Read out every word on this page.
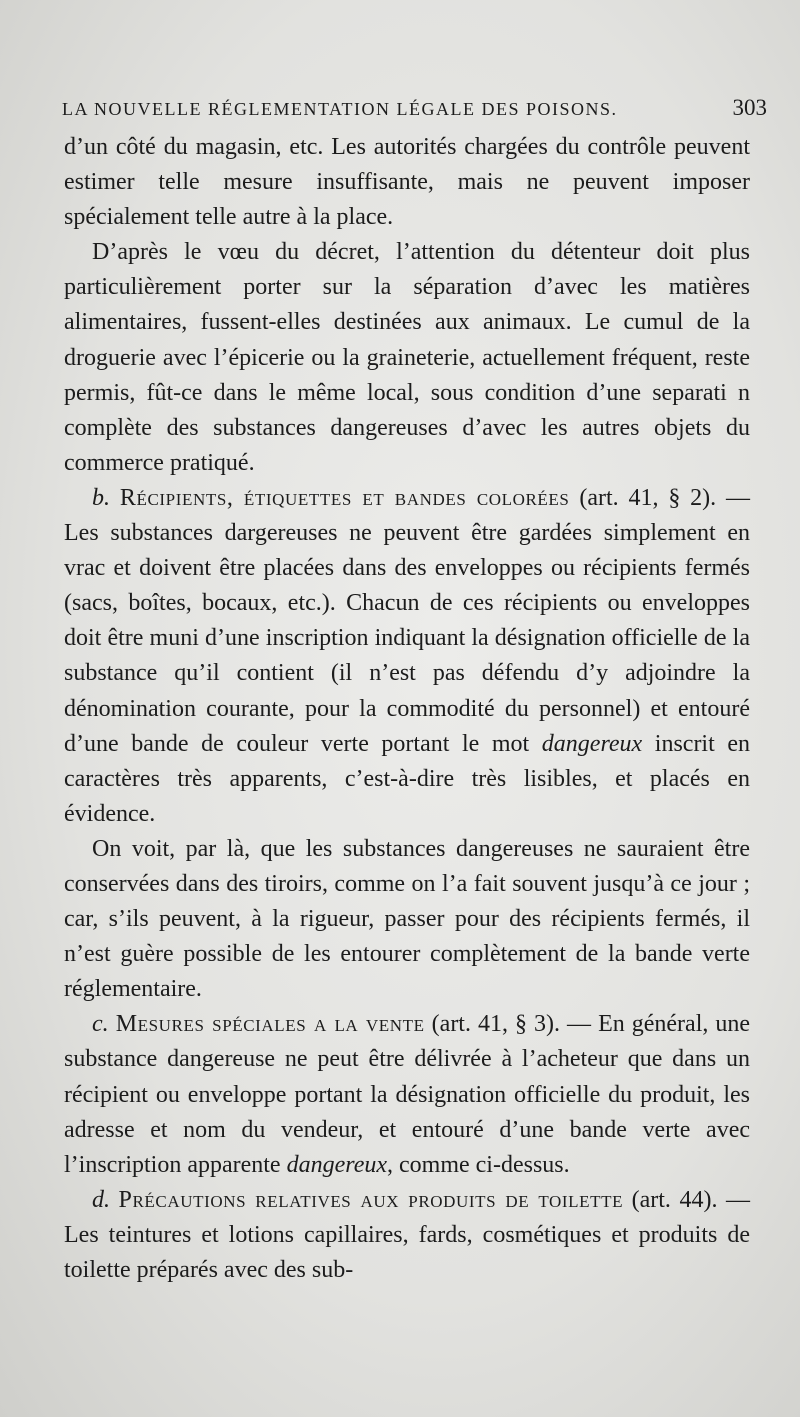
LA NOUVELLE RÉGLEMENTATION LÉGALE DES POISONS.	303

d’un côté du magasin, etc. Les autorités chargées du contrôle peuvent estimer telle mesure insuffisante, mais ne peuvent imposer spécialement telle autre à la place.

D’après le vœu du décret, l’attention du détenteur doit plus particulièrement porter sur la séparation d’avec les matières alimentaires, fussent-elles destinées aux animaux. Le cumul de la droguerie avec l’épicerie ou la graineterie, actuellement fréquent, reste permis, fût-ce dans le même local, sous condition d’une separati n complète des substances dangereuses d’avec les autres objets du commerce pratiqué.

b. Récipients, étiquettes et bandes colorées (art. 41, § 2). — Les substances dargereuses ne peuvent être gardées simplement en vrac et doivent être placées dans des enveloppes ou récipients fermés (sacs, boîtes, bocaux, etc.). Chacun de ces récipients ou enveloppes doit être muni d’une inscription indiquant la désignation officielle de la substance qu’il contient (il n’est pas défendu d’y adjoindre la dénomination courante, pour la commodité du personnel) et entouré d’une bande de couleur verte portant le mot dangereux inscrit en caractères très apparents, c’est-à-dire très lisibles, et placés en évidence.

On voit, par là, que les substances dangereuses ne sauraient être conservées dans des tiroirs, comme on l’a fait souvent jusqu’à ce jour ; car, s’ils peuvent, à la rigueur, passer pour des récipients fermés, il n’est guère possible de les entourer complètement de la bande verte réglementaire.

c. Mesures spéciales a la vente (art. 41, § 3). — En général, une substance dangereuse ne peut être délivrée à l’acheteur que dans un récipient ou enveloppe portant la désignation officielle du produit, les adresse et nom du vendeur, et entouré d’une bande verte avec l’inscription apparente dangereux, comme ci-dessus.

d. Précautions relatives aux produits de toilette (art. 44). — Les teintures et lotions capillaires, fards, cosmétiques et produits de toilette préparés avec des sub-
